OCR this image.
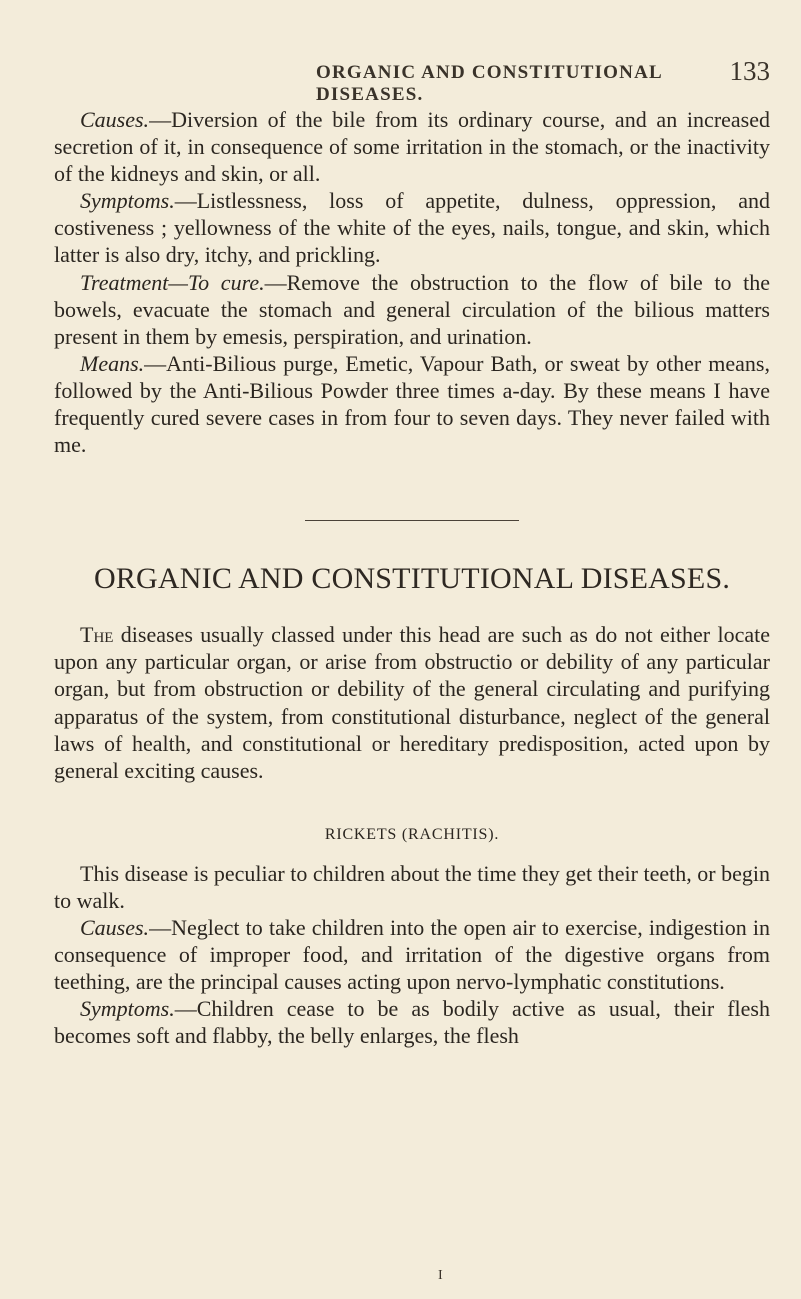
ORGANIC AND CONSTITUTIONAL DISEASES.
133

Causes.—Diversion of the bile from its ordinary course, and an increased secretion of it, in consequence of some irritation in the stomach, or the inactivity of the kidneys and skin, or all.

Symptoms.—Listlessness, loss of appetite, dulness, oppression, and costiveness ; yellowness of the white of the eyes, nails, tongue, and skin, which latter is also dry, itchy, and prickling.

Treatment—To cure.—Remove the obstruction to the flow of bile to the bowels, evacuate the stomach and general circulation of the bilious matters present in them by emesis, perspiration, and urination.

Means.—Anti-Bilious purge, Emetic, Vapour Bath, or sweat by other means, followed by the Anti-Bilious Powder three times a-day. By these means I have frequently cured severe cases in from four to seven days. They never failed with me.

ORGANIC AND CONSTITUTIONAL DISEASES.

The diseases usually classed under this head are such as do not either locate upon any particular organ, or arise from obstructio or debility of any particular organ, but from obstruction or debility of the general circulating and purifying apparatus of the system, from constitutional disturbance, neglect of the general laws of health, and constitutional or hereditary predisposition, acted upon by general exciting causes.

RICKETS (RACHITIS).

This disease is peculiar to children about the time they get their teeth, or begin to walk.

Causes.—Neglect to take children into the open air to exercise, indigestion in consequence of improper food, and irritation of the digestive organs from teething, are the principal causes acting upon nervo-lymphatic constitutions.

Symptoms.—Children cease to be as bodily active as usual, their flesh becomes soft and flabby, the belly enlarges, the flesh

I
